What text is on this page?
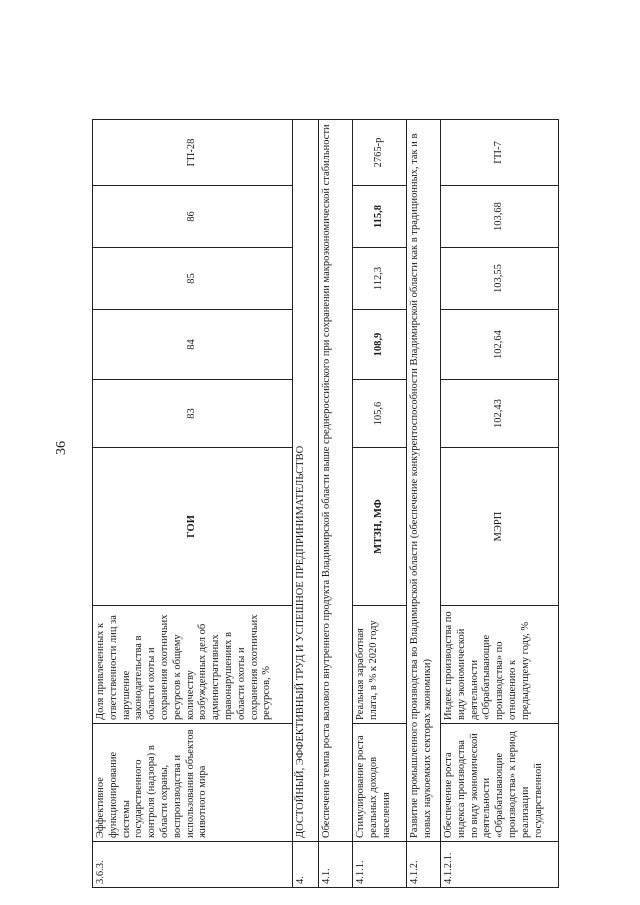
36
3.6.3.	Эффективное функционирование системы государственного контроля (надзора) в области охраны, воспроизводства и использования объектов животного мира	Доля привлеченных к ответственности лиц за нарушение законодательства в области охоты и сохранения охотничьих ресурсов к общему количеству возбужденных дел об административных правонарушениях в области охоты и сохранения охотничьих ресурсов, %	ГОИ	83	84	85	86	ГП-28
4.	ДОСТОЙНЫЙ, ЭФФЕКТИВНЫЙ ТРУД И УСПЕШНОЕ ПРЕДПРИНИМАТЕЛЬСТВО							
4.1.	Обеспечение темпа роста валового внутреннего продукта Владимирской области выше среднероссийского при сохранении макроэкономической стабильности							
4.1.1.	Стимулирование роста реальных доходов населения	Реальная заработная плата, в % к 2020 году	МТЗН, МФ	105,6	108,9	112,3	115,8	2765-р
4.1.2.	Развитие промышленного производства во Владимирской области (обеспечение конкурентоспособности Владимирской области как в традиционных, так и в новых наукоемких секторах экономики)							
4.1.2.1.	Обеспечение роста индекса производства по виду экономической деятельности «Обрабатывающие производства» к период реализации государственной	Индекс производства по виду экономической деятельности «Обрабатывающие производства» по отношению к предыдущему году, %	МЭРП	102,43	102,64	103,55	103,68	ГП-7
